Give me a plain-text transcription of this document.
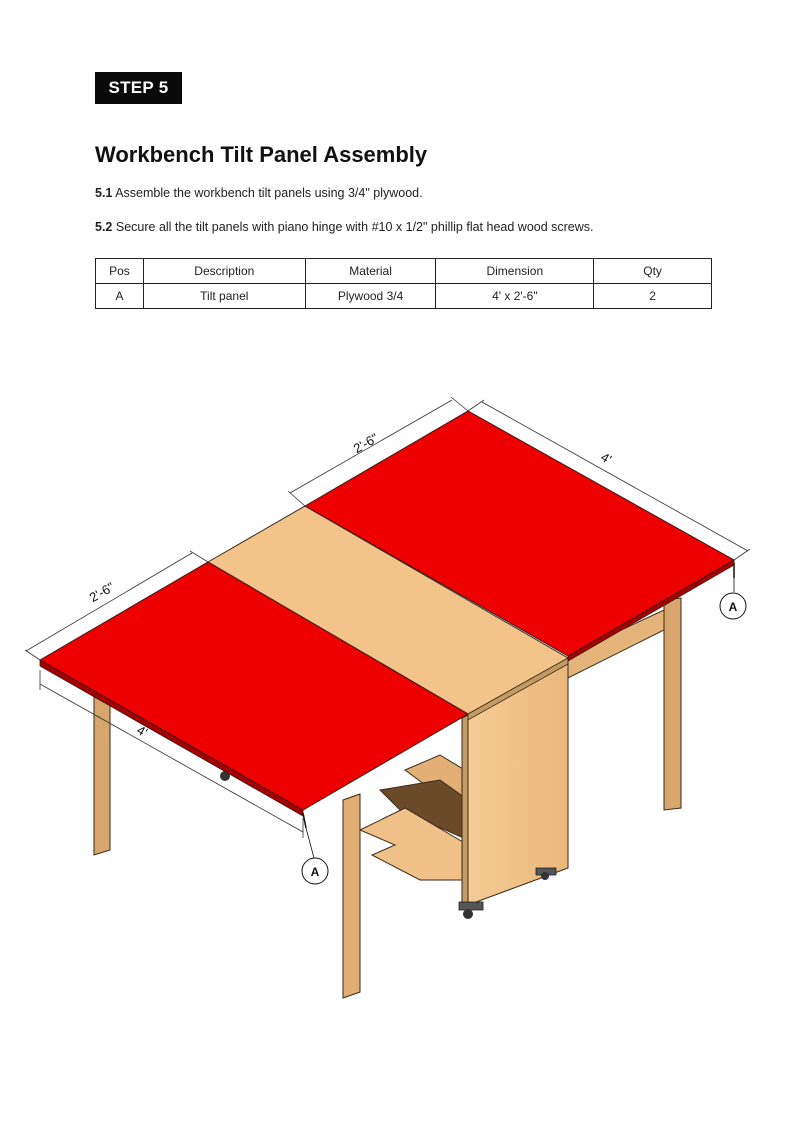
STEP 5
Workbench Tilt Panel Assembly
5.1 Assemble the workbench tilt panels using 3/4" plywood.
5.2 Secure all the tilt panels with piano hinge with #10 x 1/2" phillip flat head wood screws.
Pos	Description	Material	Dimension	Qty
A	Tilt panel	Plywood 3/4	4' x 2'-6"	2
2'-6"
4'
2'-6"
4'
A
A
